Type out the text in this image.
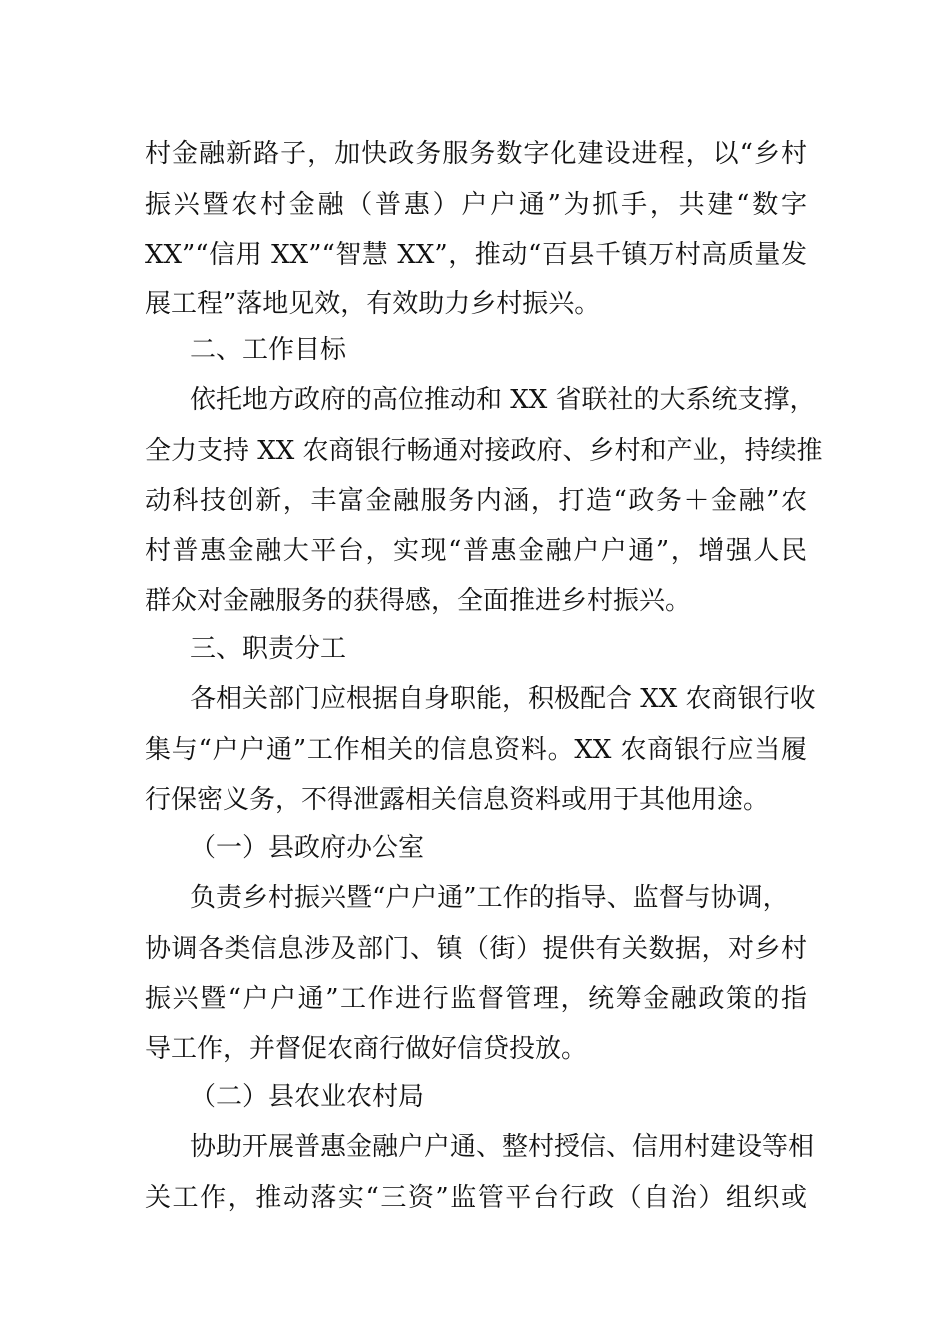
村金融新路子，加快政务服务数字化建设进程，以“乡村
振兴暨农村金融（普惠）户户通”为抓手，共建“数字
XX”“信用 XX”“智慧 XX”，推动“百县千镇万村高质量发
展工程”落地见效，有效助力乡村振兴。
二、工作目标
依托地方政府的高位推动和 XX 省联社的大系统支撑，
全力支持 XX 农商银行畅通对接政府、乡村和产业，持续推
动科技创新，丰富金融服务内涵，打造“政务＋金融”农
村普惠金融大平台，实现“普惠金融户户通”，增强人民
群众对金融服务的获得感，全面推进乡村振兴。
三、职责分工
各相关部门应根据自身职能，积极配合 XX 农商银行收
集与“户户通”工作相关的信息资料。XX 农商银行应当履
行保密义务，不得泄露相关信息资料或用于其他用途。
（一）县政府办公室
负责乡村振兴暨“户户通”工作的指导、监督与协调，
协调各类信息涉及部门、镇（街）提供有关数据，对乡村
振兴暨“户户通”工作进行监督管理，统筹金融政策的指
导工作，并督促农商行做好信贷投放。
（二）县农业农村局
协助开展普惠金融户户通、整村授信、信用村建设等相
关工作，推动落实“三资”监管平台行政（自治）组织或
